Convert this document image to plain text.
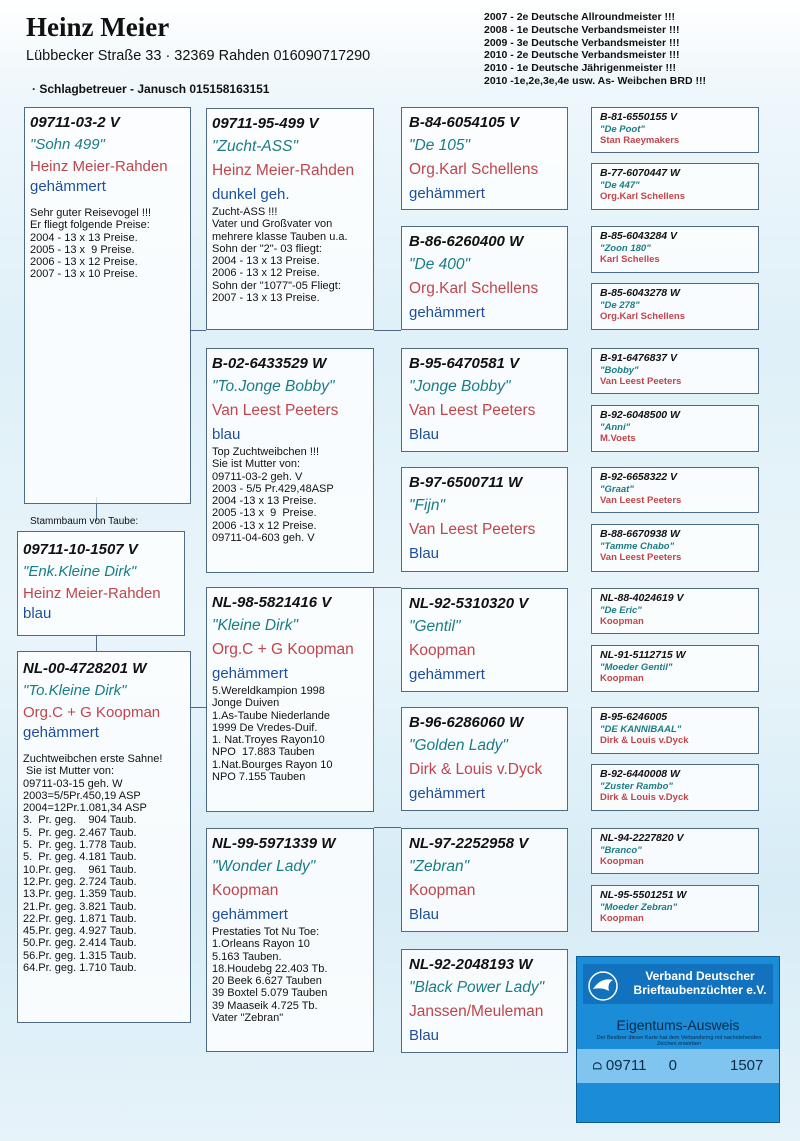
Heinz Meier
Lübbecker Straße 33 · 32369 Rahden 016090717290
· Schlagbetreuer - Janusch 015158163151
2007 - 2e Deutsche Allroundmeister !!!
2008 - 1e Deutsche Verbandsmeister !!!
2009 - 3e Deutsche Verbandsmeister !!!
2010 - 2e Deutsche Verbandsmeister !!!
2010 - 1e Deutsche Jährigenmeister !!!
2010 -1e,2e,3e,4e usw. As- Weibchen BRD !!!
09711-03-2 V
"Sohn 499"
Heinz Meier-Rahden
gehämmert
Sehr guter Reisevogel !!!
Er fliegt folgende Preise:
2004 - 13 x 13 Preise.
2005 - 13 x  9 Preise.
2006 - 13 x 12 Preise.
2007 - 13 x 10 Preise.
Stammbaum von Taube:
09711-10-1507 V
"Enk.Kleine Dirk"
Heinz Meier-Rahden
blau
NL-00-4728201 W
"To.Kleine Dirk"
Org.C + G Koopman
gehämmert
Zuchtweibchen erste Sahne!
Sie ist Mutter von:
09711-03-15 geh. W
2003=5/5Pr.450,19 ASP
2004=12Pr.1.081,34 ASP
3.  Pr. geg.    904 Taub.
5.  Pr. geg. 2.467 Taub.
5.  Pr. geg. 1.778 Taub.
5.  Pr. geg. 4.181 Taub.
10.Pr. geg.    961 Taub.
12.Pr. geg. 2.724 Taub.
13.Pr. geg. 1.359 Taub.
21.Pr. geg. 3.821 Taub.
22.Pr. geg. 1.871 Taub.
45.Pr. geg. 4.927 Taub.
50.Pr. geg. 2.414 Taub.
56.Pr. geg. 1.315 Taub.
64.Pr. geg. 1.710 Taub.
09711-95-499 V
"Zucht-ASS"
Heinz Meier-Rahden
dunkel geh.
Zucht-ASS !!!
Vater und Großvater von
mehrere klasse Tauben u.a.
Sohn der "2"- 03 fliegt:
2004 - 13 x 13 Preise.
2006 - 13 x 12 Preise.
Sohn der "1077"-05 Fliegt:
2007 - 13 x 13 Preise.
B-02-6433529 W
"To.Jonge Bobby"
Van Leest Peeters
blau
Top Zuchtweibchen !!!
Sie ist Mutter von:
09711-03-2 geh. V
2003 - 5/5 Pr.429,48ASP
2004 -13 x 13 Preise.
2005 -13 x  9  Preise.
2006 -13 x 12 Preise.
09711-04-603 geh. V
NL-98-5821416 V
"Kleine Dirk"
Org.C + G Koopman
gehämmert
5.Wereldkampion 1998
Jonge Duiven
1.As-Taube Niederlande
1999 De Vredes-Duif.
1. Nat.Troyes Rayon10
NPO  17.883 Tauben
1.Nat.Bourges Rayon 10
NPO 7.155 Tauben
NL-99-5971339 W
"Wonder Lady"
Koopman
gehämmert
Prestaties Tot Nu Toe:
1.Orleans Rayon 10
5.163 Tauben.
18.Houdebg 22.403 Tb.
20 Beek 6.627 Tauben
39 Boxtel 5.079 Tauben
39 Maaseik 4.725 Tb.
Vater "Zebran"
B-84-6054105 V
"De 105"
Org.Karl Schellens
gehämmert
B-86-6260400 W
"De 400"
Org.Karl Schellens
gehämmert
B-95-6470581 V
"Jonge Bobby"
Van Leest Peeters
Blau
B-97-6500711 W
"Fijn"
Van Leest Peeters
Blau
NL-92-5310320 V
"Gentil"
Koopman
gehämmert
B-96-6286060 W
"Golden Lady"
Dirk & Louis v.Dyck
gehämmert
NL-97-2252958 V
"Zebran"
Koopman
Blau
NL-92-2048193 W
"Black Power Lady"
Janssen/Meuleman
Blau
B-81-6550155 V
"De Poot"
Stan Raeymakers
B-77-6070447 W
"De 447"
Org.Karl Schellens
B-85-6043284 V
"Zoon 180"
Karl Schelles
B-85-6043278 W
"De 278"
Org.Karl Schellens
B-91-6476837 V
"Bobby"
Van Leest Peeters
B-92-6048500 W
"Anni"
M.Voets
B-92-6658322 V
"Graat"
Van Leest Peeters
B-88-6670938 W
"Tamme Chabo"
Van Leest Peeters
NL-88-4024619 V
"De Eric"
Koopman
NL-91-5112715 W
"Moeder Gentil"
Koopman
B-95-6246005
"DE KANNIBAAL"
Dirk & Louis v.Dyck
B-92-6440008 W
"Zuster Rambo"
Dirk & Louis v.Dyck
NL-94-2227820 V
"Branco"
Koopman
NL-95-5501251 W
"Moeder Zebran"
Koopman
Verband Deutscher
Brieftaubenzüchter e.V.
Eigentums-Ausweis
Der Besitzer dieser Karte hat dem Verbandsring mit nachstehenden Zeichen erworben
D 09711 0	1507
